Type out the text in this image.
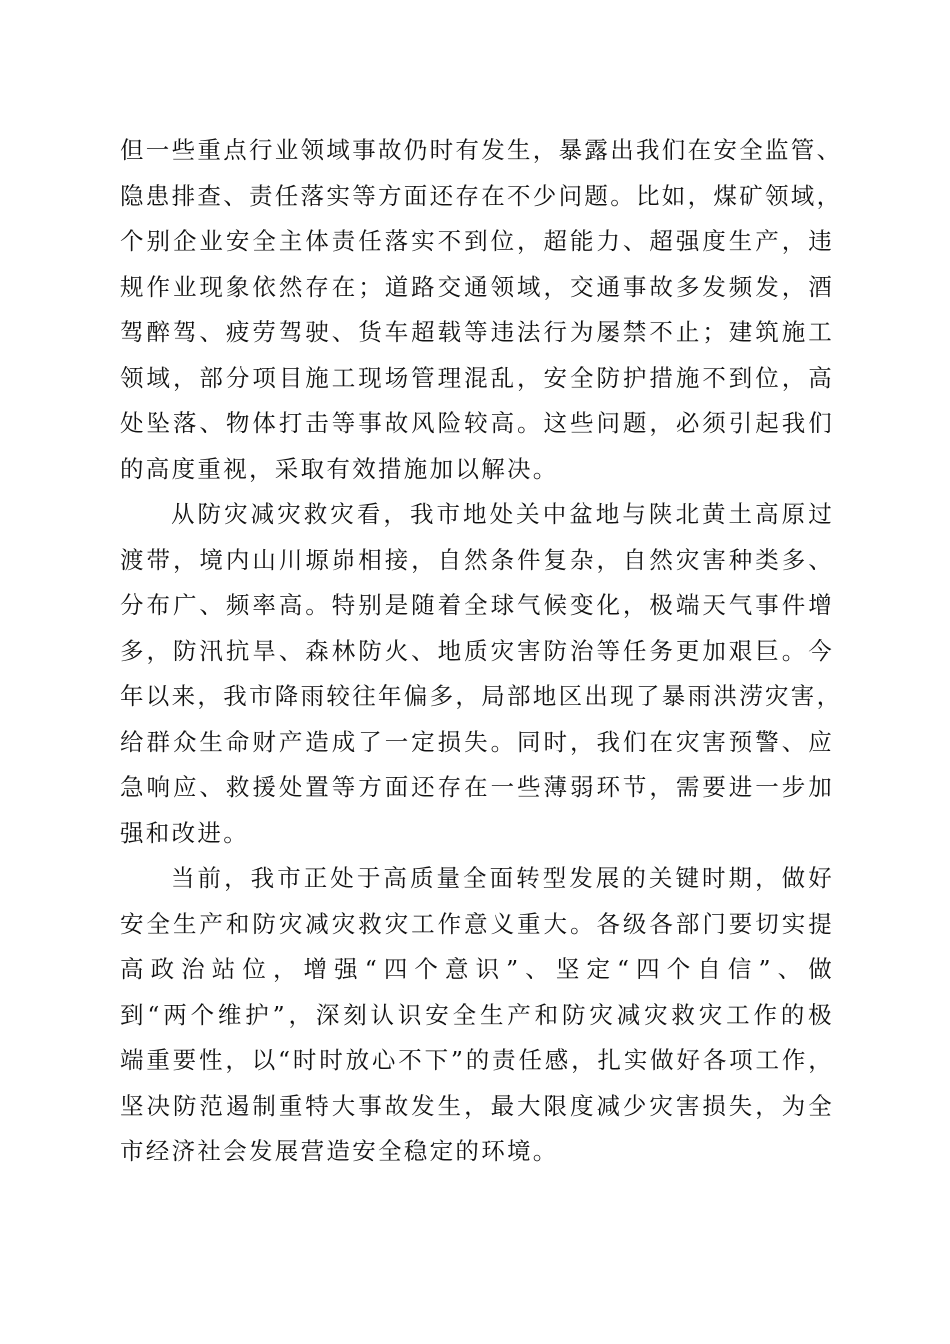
但一些重点行业领域事故仍时有发生，暴露出我们在安全监管、
隐患排查、责任落实等方面还存在不少问题。比如，煤矿领域，
个别企业安全主体责任落实不到位，超能力、超强度生产，违
规作业现象依然存在；道路交通领域，交通事故多发频发，酒
驾醉驾、疲劳驾驶、货车超载等违法行为屡禁不止；建筑施工
领域，部分项目施工现场管理混乱，安全防护措施不到位，高
处坠落、物体打击等事故风险较高。这些问题，必须引起我们
的高度重视，采取有效措施加以解决。
从防灾减灾救灾看，我市地处关中盆地与陕北黄土高原过
渡带，境内山川塬峁相接，自然条件复杂，自然灾害种类多、
分布广、频率高。特别是随着全球气候变化，极端天气事件增
多，防汛抗旱、森林防火、地质灾害防治等任务更加艰巨。今
年以来，我市降雨较往年偏多，局部地区出现了暴雨洪涝灾害，
给群众生命财产造成了一定损失。同时，我们在灾害预警、应
急响应、救援处置等方面还存在一些薄弱环节，需要进一步加
强和改进。
当前，我市正处于高质量全面转型发展的关键时期，做好
安全生产和防灾减灾救灾工作意义重大。各级各部门要切实提
高政治站位，增强“四个意识”、坚定“四个自信”、做
到“两个维护”，深刻认识安全生产和防灾减灾救灾工作的极
端重要性，以“时时放心不下”的责任感，扎实做好各项工作，
坚决防范遏制重特大事故发生，最大限度减少灾害损失，为全
市经济社会发展营造安全稳定的环境。
